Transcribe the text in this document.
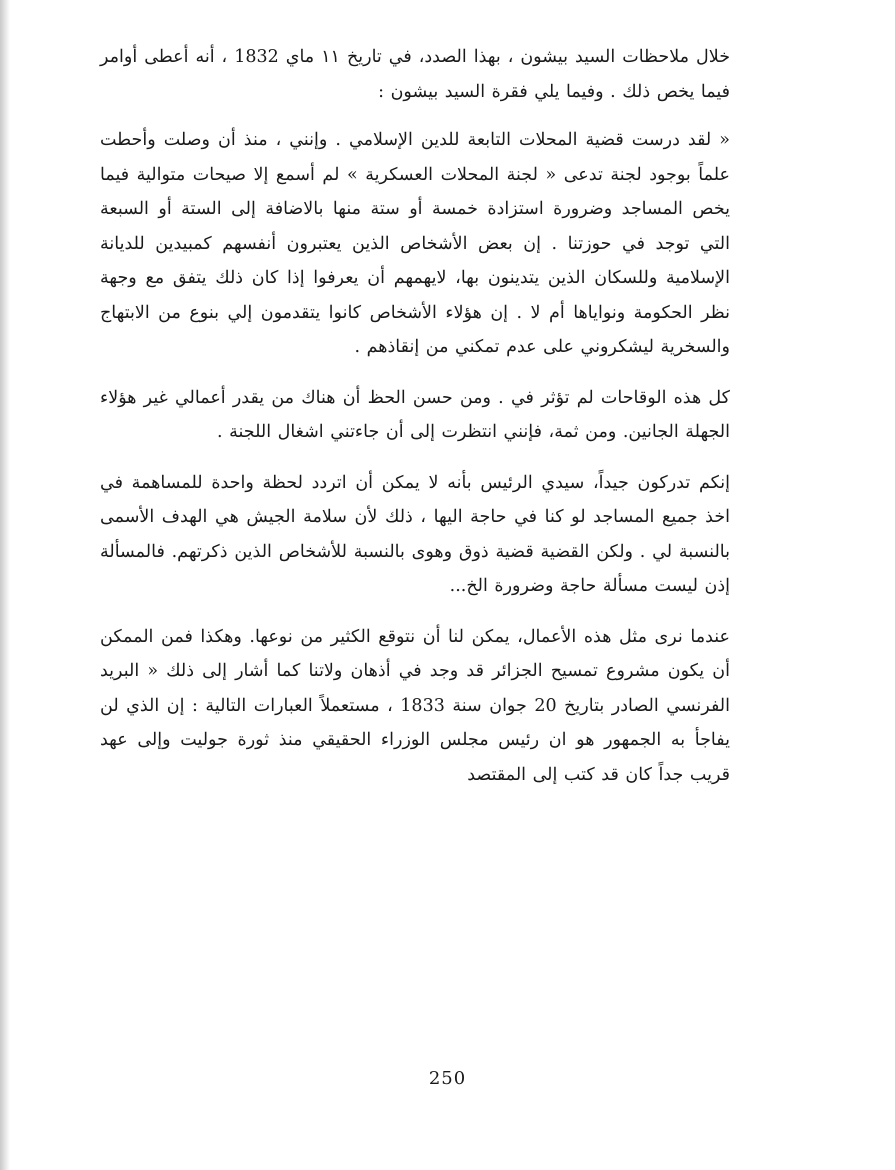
خلال ملاحظات السيد بيشون ، بهذا الصدد، في تاريخ ١١ ماي 1832 ، أنه أعطى أوامر فيما يخص ذلك . وفيما يلي فقرة السيد بيشون :

« لقد درست قضية المحلات التابعة للدين الإسلامي . وإنني ، منذ أن وصلت وأحطت علماً بوجود لجنة تدعى « لجنة المحلات العسكرية » لم أسمع إلا صيحات متوالية فيما يخص المساجد وضرورة استزادة خمسة أو ستة منها بالاضافة إلى الستة أو السبعة التي توجد في حوزتنا . إن بعض الأشخاص الذين يعتبرون أنفسهم كمبيدين للديانة الإسلامية وللسكان الذين يتدينون بها، لايهمهم أن يعرفوا إذا كان ذلك يتفق مع وجهة نظر الحكومة ونواياها أم لا . إن هؤلاء الأشخاص كانوا يتقدمون إلي بنوع من الابتهاج والسخرية ليشكروني على عدم تمكني من إنقاذهم .

كل هذه الوقاحات لم تؤثر في . ومن حسن الحظ أن هناك من يقدر أعمالي غير هؤلاء الجهلة الجانين. ومن ثمة، فإنني انتظرت إلى أن جاءتني اشغال اللجنة .

إنكم تدركون جيداً، سيدي الرئيس بأنه لا يمكن أن اتردد لحظة واحدة للمساهمة في اخذ جميع المساجد لو كنا في حاجة اليها ، ذلك لأن سلامة الجيش هي الهدف الأسمى بالنسبة لي . ولكن القضية قضية ذوق وهوى بالنسبة للأشخاص الذين ذكرتهم. فالمسألة إذن ليست مسألة حاجة وضرورة الخ...

عندما نرى مثل هذه الأعمال، يمكن لنا أن نتوقع الكثير من نوعها. وهكذا فمن الممكن أن يكون مشروع تمسيح الجزائر قد وجد في أذهان ولاتنا كما أشار إلى ذلك « البريد الفرنسي الصادر بتاريخ 20 جوان سنة 1833 ، مستعملاً العبارات التالية : إن الذي لن يفاجأ به الجمهور هو ان رئيس مجلس الوزراء الحقيقي منذ ثورة جوليت وإلى عهد قريب جداً كان قد كتب إلى المقتصد

250
